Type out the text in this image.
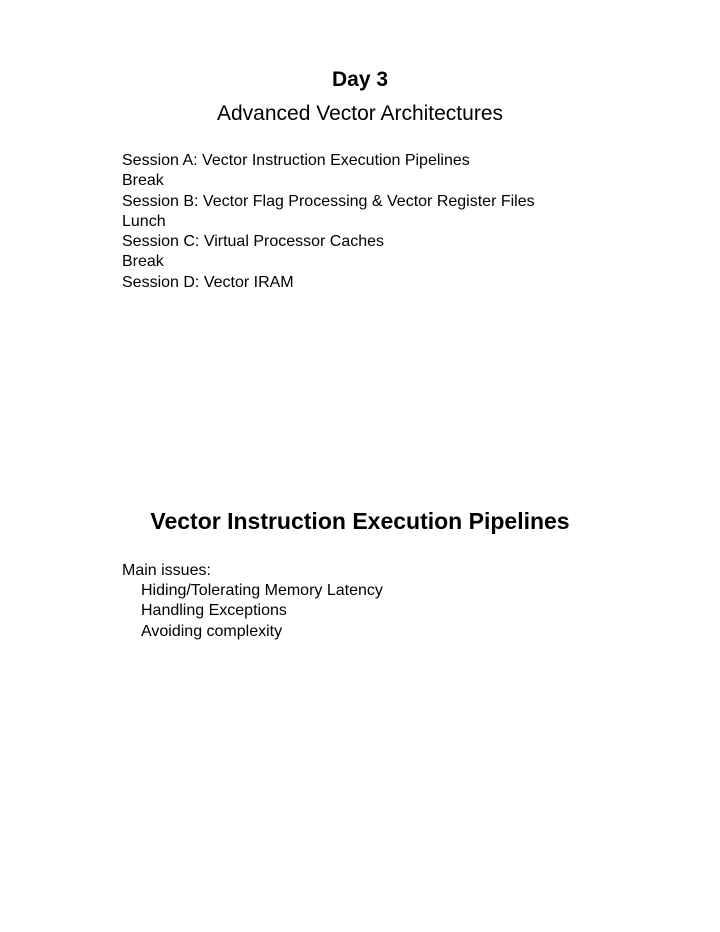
Day 3
Advanced Vector Architectures
Session A: Vector Instruction Execution Pipelines
Break
Session B: Vector Flag Processing & Vector Register Files
Lunch
Session C: Virtual Processor Caches
Break
Session D: Vector IRAM
Vector Instruction Execution Pipelines
Main issues:
Hiding/Tolerating Memory Latency
Handling Exceptions
Avoiding complexity
